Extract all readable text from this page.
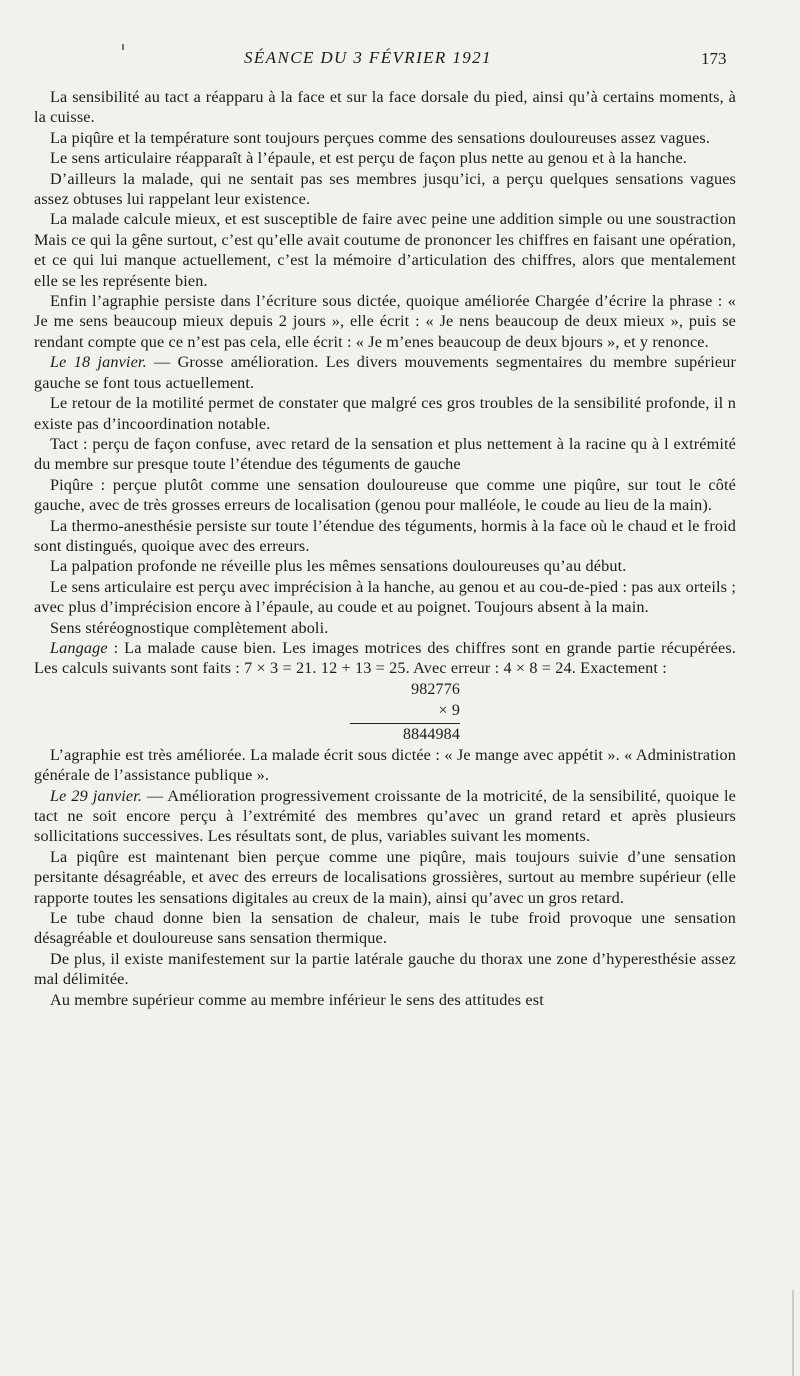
SÉANCE DU 3 FÉVRIER 1921	173

La sensibilité au tact a réapparu à la face et sur la face dorsale du pied, ainsi qu’à certains moments, à la cuisse.

La piqûre et la température sont toujours perçues comme des sensations douloureuses assez vagues.

Le sens articulaire réapparaît à l’épaule, et est perçu de façon plus nette au genou et à la hanche.

D’ailleurs la malade, qui ne sentait pas ses membres jusqu’ici, a perçu quelques sensations vagues assez obtuses lui rappelant leur existence.

La malade calcule mieux, et est susceptible de faire avec peine une addition simple ou une soustraction Mais ce qui la gêne surtout, c’est qu’elle avait coutume de prononcer les chiffres en faisant une opération, et ce qui lui manque actuellement, c’est la mémoire d’articulation des chiffres, alors que mentalement elle se les représente bien.

Enfin l’agraphie persiste dans l’écriture sous dictée, quoique améliorée Chargée d’écrire la phrase : « Je me sens beaucoup mieux depuis 2 jours », elle écrit : « Je nens beaucoup de deux mieux », puis se rendant compte que ce n’est pas cela, elle écrit : « Je m’enes beaucoup de deux bjours », et y renonce.

Le 18 janvier. — Grosse amélioration. Les divers mouvements segmentaires du membre supérieur gauche se font tous actuellement.

Le retour de la motilité permet de constater que malgré ces gros troubles de la sensibilité profonde, il n existe pas d’incoordination notable.

Tact : perçu de façon confuse, avec retard de la sensation et plus nettement à la racine qu à l extrémité du membre sur presque toute l’étendue des téguments de gauche

Piqûre : perçue plutôt comme une sensation douloureuse que comme une piqûre, sur tout le côté gauche, avec de très grosses erreurs de localisation (genou pour malléole, le coude au lieu de la main).

La thermo-anesthésie persiste sur toute l’étendue des téguments, hormis à la face où le chaud et le froid sont distingués, quoique avec des erreurs.

La palpation profonde ne réveille plus les mêmes sensations douloureuses qu’au début.

Le sens articulaire est perçu avec imprécision à la hanche, au genou et au cou-de-pied : pas aux orteils ; avec plus d’imprécision encore à l’épaule, au coude et au poignet. Toujours absent à la main.

Sens stéréognostique complètement aboli.

Langage : La malade cause bien. Les images motrices des chiffres sont en grande partie récupérées. Les calculs suivants sont faits : 7 × 3 = 21. 12 + 13 = 25. Avec erreur : 4 × 8 = 24. Exactement :

982776
× 9
8844984

L’agraphie est très améliorée. La malade écrit sous dictée : « Je mange avec appétit ». « Administration générale de l’assistance publique ».

Le 29 janvier. — Amélioration progressivement croissante de la motricité, de la sensibilité, quoique le tact ne soit encore perçu à l’extrémité des membres qu’avec un grand retard et après plusieurs sollicitations successives. Les résultats sont, de plus, variables suivant les moments.

La piqûre est maintenant bien perçue comme une piqûre, mais toujours suivie d’une sensation persitante désagréable, et avec des erreurs de localisations grossières, surtout au membre supérieur (elle rapporte toutes les sensations digitales au creux de la main), ainsi qu’avec un gros retard.

Le tube chaud donne bien la sensation de chaleur, mais le tube froid provoque une sensation désagréable et douloureuse sans sensation thermique.

De plus, il existe manifestement sur la partie latérale gauche du thorax une zone d’hyperesthésie assez mal délimitée.

Au membre supérieur comme au membre inférieur le sens des attitudes est
